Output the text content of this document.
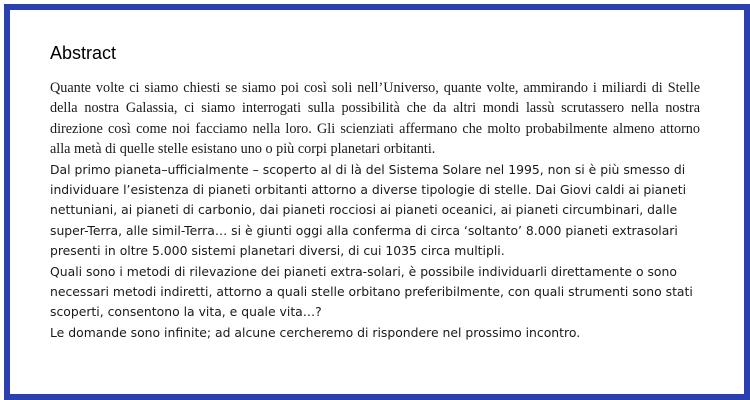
Abstract

Quante volte ci siamo chiesti se siamo poi così soli nell’Universo, quante volte, ammirando i miliardi di Stelle della nostra Galassia, ci siamo interrogati sulla possibilità che da altri mondi lassù scrutassero nella nostra direzione così come noi facciamo nella loro. Gli scienziati affermano che molto probabilmente almeno attorno alla metà di quelle stelle esistano uno o più corpi planetari orbitanti.

Dal primo pianeta–ufficialmente – scoperto al di là del Sistema Solare nel 1995, non si è più smesso di individuare l’esistenza di pianeti orbitanti attorno a diverse tipologie di stelle. Dai Giovi caldi ai pianeti nettuniani, ai pianeti di carbonio, dai pianeti rocciosi ai pianeti oceanici, ai pianeti circumbinari, dalle super-Terra, alle simil-Terra… si è giunti oggi alla conferma di circa ‘soltanto’ 8.000 pianeti extrasolari presenti in oltre 5.000 sistemi planetari diversi, di cui 1035 circa multipli.

Quali sono i metodi di rilevazione dei pianeti extra-solari, è possibile individuarli direttamente o sono necessari metodi indiretti, attorno a quali stelle orbitano preferibilmente, con quali strumenti sono stati scoperti, consentono la vita, e quale vita…?

Le domande sono infinite; ad alcune cercheremo di rispondere nel prossimo incontro.
